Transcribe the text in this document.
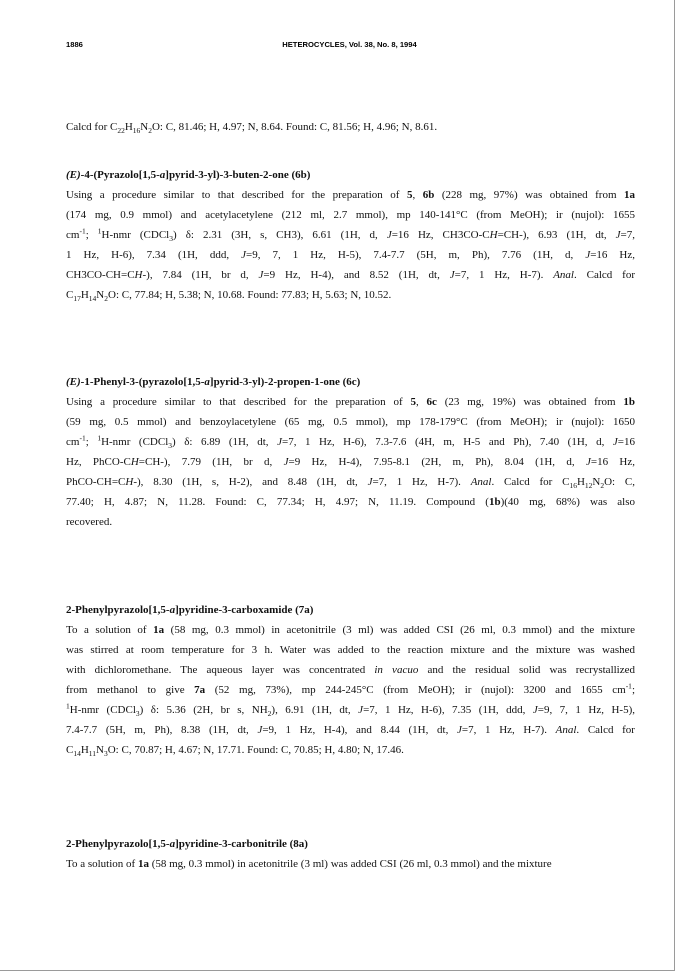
1886	HETEROCYCLES, Vol. 38, No. 8, 1994
Calcd for $C_{22}H_{16}N_2O$: C, 81.46; H, 4.97; N, 8.64. Found: C, 81.56; H, 4.96; N, 8.61.
(E)-4-(Pyrazolo[1,5-a]pyrid-3-yl)-3-buten-2-one (6b)
Using a procedure similar to that described for the preparation of 5, 6b (228 mg, 97%) was obtained from 1a
(174 mg, 0.9 mmol) and acetylacetylene (212 ml, 2.7 mmol), mp 140-141°C (from MeOH); ir (nujol): 1655
$cm^{-1}$; $^1$H-nmr (CDCl$_3$) δ: 2.31 (3H, s, CH3), 6.61 (1H, d, J=16 Hz, CH3CO-CH=CH-), 6.93 (1H, dt, J=7,
1 Hz, H-6), 7.34 (1H, ddd, J=9, 7, 1 Hz, H-5), 7.4-7.7 (5H, m, Ph), 7.76 (1H, d, J=16 Hz,
CH3CO-CH=CH-), 7.84 (1H, br d, J=9 Hz, H-4), and 8.52 (1H, dt, J=7, 1 Hz, H-7). Anal. Calcd for
$C_{17}H_{14}N_2O$: C, 77.84; H, 5.38; N, 10.68. Found: 77.83; H, 5.63; N, 10.52.
(E)-1-Phenyl-3-(pyrazolo[1,5-a]pyrid-3-yl)-2-propen-1-one (6c)
Using a procedure similar to that described for the preparation of 5, 6c (23 mg, 19%) was obtained from 1b
(59 mg, 0.5 mmol) and benzoylacetylene (65 mg, 0.5 mmol), mp 178-179°C (from MeOH); ir (nujol): 1650
$cm^{-1}$; $^1$H-nmr (CDCl$_3$) δ: 6.89 (1H, dt, J=7, 1 Hz, H-6), 7.3-7.6 (4H, m, H-5 and Ph), 7.40 (1H, d, J=16
Hz, PhCO-CH=CH-), 7.79 (1H, br d, J=9 Hz, H-4), 7.95-8.1 (2H, m, Ph), 8.04 (1H, d, J=16 Hz,
PhCO-CH=CH-), 8.30 (1H, s, H-2), and 8.48 (1H, dt, J=7, 1 Hz, H-7). Anal. Calcd for $C_{16}H_{12}N_2O$: C,
77.40; H, 4.87; N, 11.28. Found: C, 77.34; H, 4.97; N, 11.19. Compound (1b)(40 mg, 68%) was also
recovered.
2-Phenylpyrazolo[1,5-a]pyridine-3-carboxamide (7a)
To a solution of 1a (58 mg, 0.3 mmol) in acetonitrile (3 ml) was added CSI (26 ml, 0.3 mmol) and the mixture
was stirred at room temperature for 3 h. Water was added to the reaction mixture and the mixture was washed
with dichloromethane. The aqueous layer was concentrated in vacuo and the residual solid was recrystallized
from methanol to give 7a (52 mg, 73%), mp 244-245°C (from MeOH); ir (nujol): 3200 and 1655 $cm^{-1}$;
$^1$H-nmr (CDCl$_3$) δ: 5.36 (2H, br s, $NH_2$), 6.91 (1H, dt, J=7, 1 Hz, H-6), 7.35 (1H, ddd, J=9, 7, 1 Hz, H-5),
7.4-7.7 (5H, m, Ph), 8.38 (1H, dt, J=9, 1 Hz, H-4), and 8.44 (1H, dt, J=7, 1 Hz, H-7). Anal. Calcd for
$C_{14}H_{11}N_3O$: C, 70.87; H, 4.67; N, 17.71. Found: C, 70.85; H, 4.80; N, 17.46.
2-Phenylpyrazolo[1,5-a]pyridine-3-carbonitrile (8a)
To a solution of 1a (58 mg, 0.3 mmol) in acetonitrile (3 ml) was added CSI (26 ml, 0.3 mmol) and the mixture
